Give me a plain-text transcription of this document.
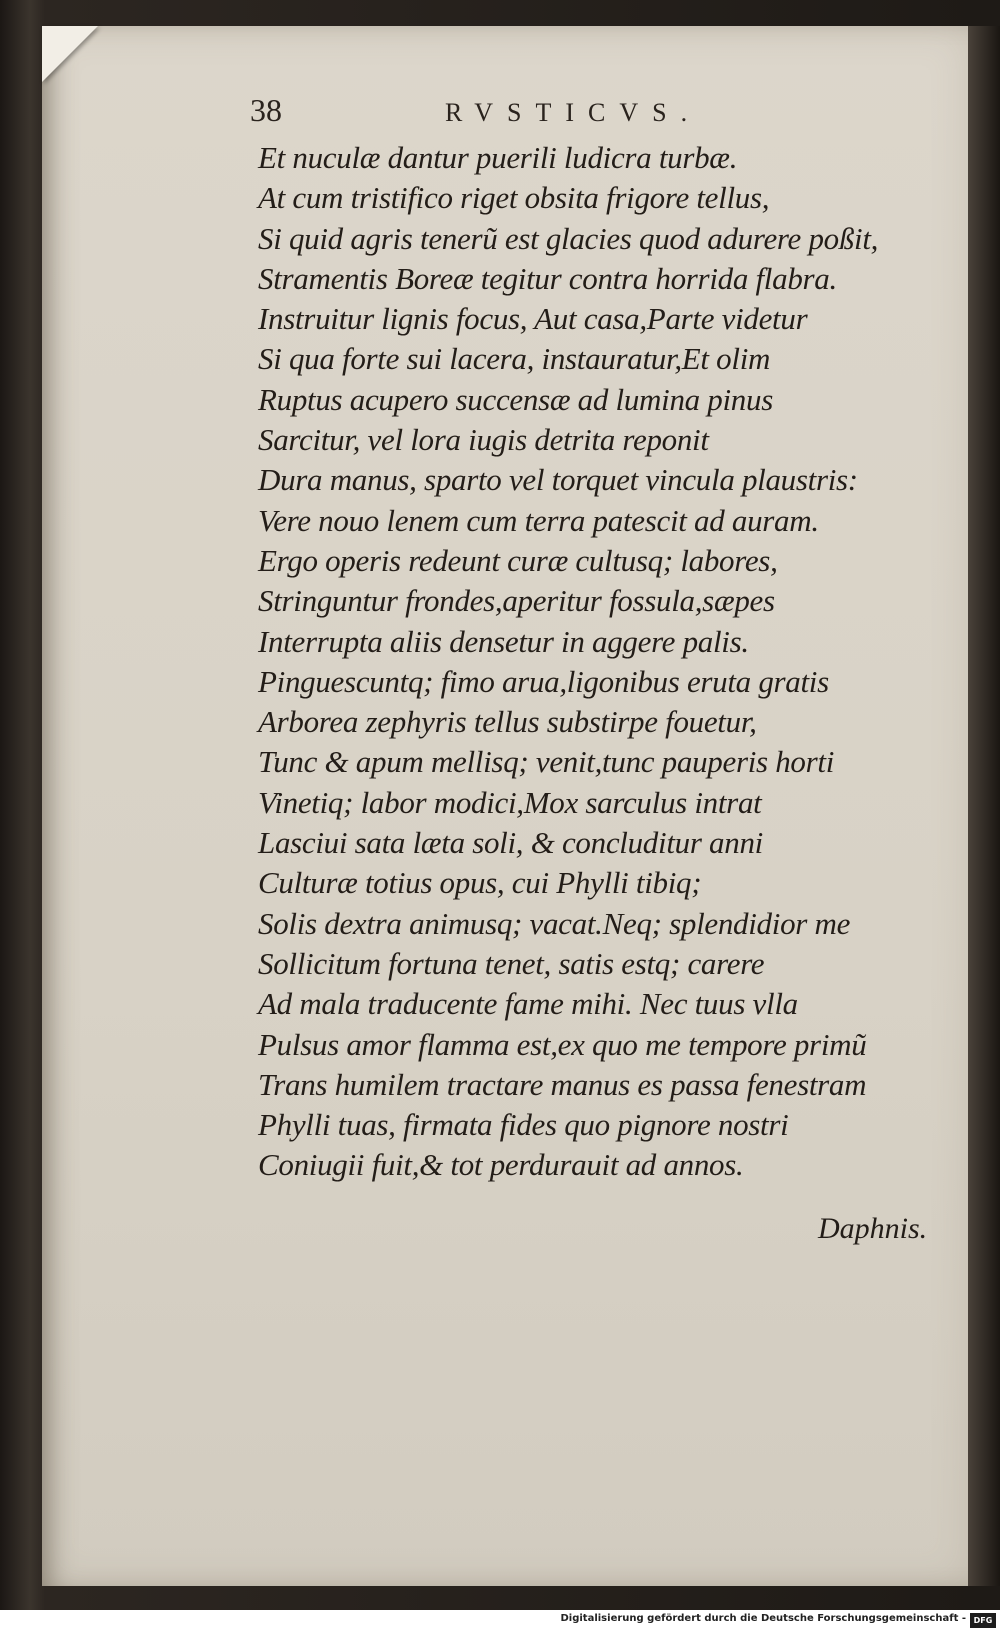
38	RVSTICVS.
Et nuculæ dantur puerili ludicra turbæ.
At cum tristifico riget obsita frigore tellus,
Si quid agris tenerũ est glacies quod adurere poßit,
Stramentis Boreæ tegitur contra horrida flabra.
Instruitur lignis focus, Aut casa,Parte videtur
Si qua forte sui lacera, instauratur,Et olim
Ruptus acupero succensæ ad lumina pinus
Sarcitur, vel lora iugis detrita reponit
Dura manus, sparto vel torquet vincula plaustris:
Vere nouo lenem cum terra patescit ad auram.
Ergo operis redeunt curæ cultusq; labores,
Stringuntur frondes,aperitur fossula,sæpes
Interrupta aliis densetur in aggere palis.
Pinguescuntq; fimo arua,ligonibus eruta gratis
Arborea zephyris tellus substirpe fouetur,
Tunc & apum mellisq; venit,tunc pauperis horti
Vinetiq; labor modici,Mox sarculus intrat
Lasciui sata læta soli, & concluditur anni
Culturæ totius opus, cui Phylli tibiq;
Solis dextra animusq; vacat.Neq; splendidior me
Sollicitum fortuna tenet, satis estq; carere
Ad mala traducente fame mihi. Nec tuus vlla
Pulsus amor flamma est,ex quo me tempore primũ
Trans humilem tractare manus es passa fenestram
Phylli tuas, firmata fides quo pignore nostri
Coniugii fuit,& tot perdurauit ad annos.
Daphnis.
Digitalisierung gefördert durch die Deutsche Forschungsgemeinschaft - DFG
